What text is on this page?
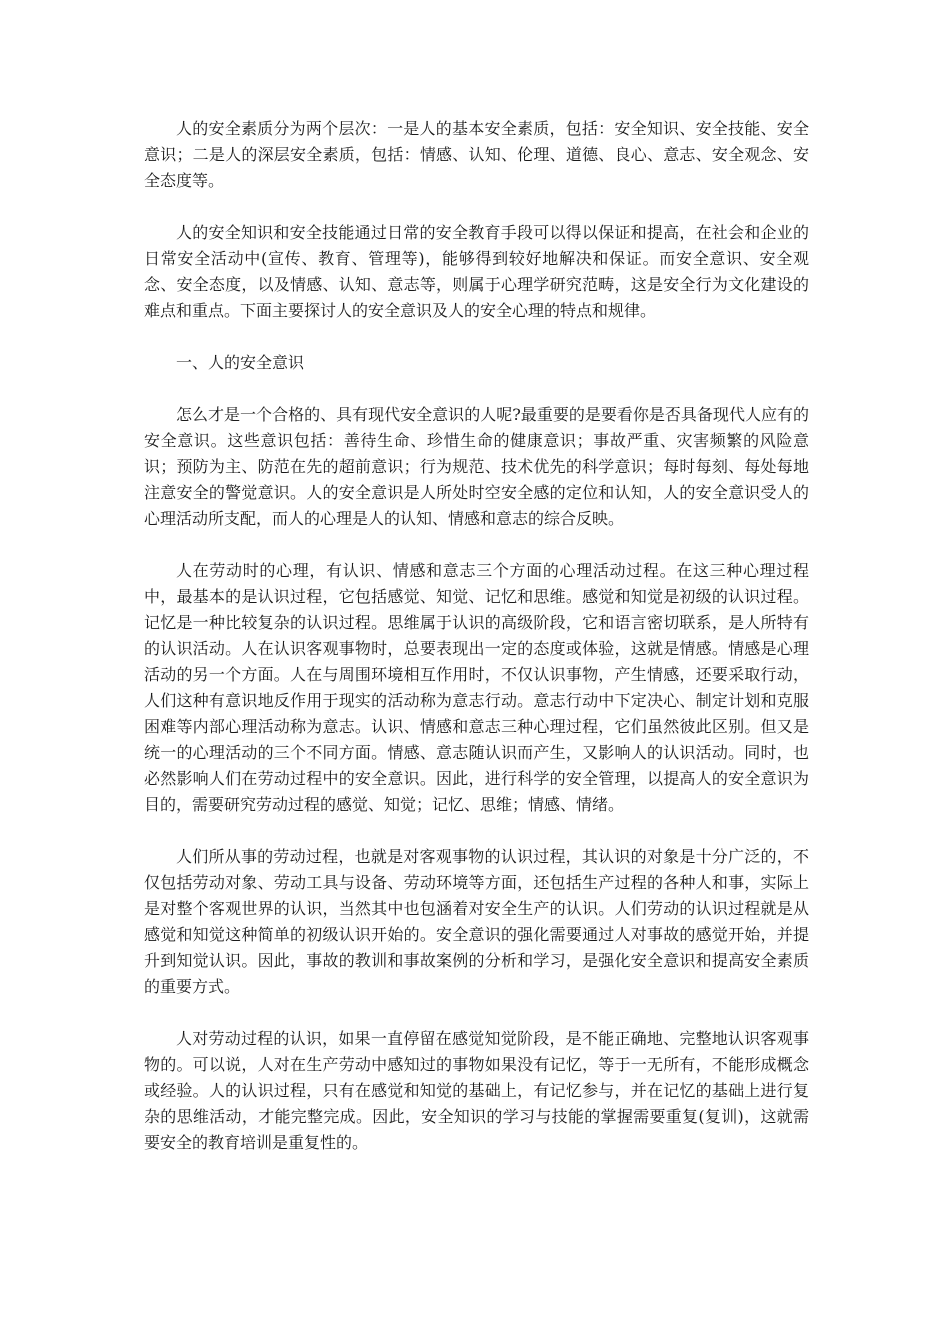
人的安全素质分为两个层次：一是人的基本安全素质，包括：安全知识、安全技能、安全意识；二是人的深层安全素质，包括：情感、认知、伦理、道德、良心、意志、安全观念、安全态度等。

人的安全知识和安全技能通过日常的安全教育手段可以得以保证和提高，在社会和企业的日常安全活动中(宣传、教育、管理等)，能够得到较好地解决和保证。而安全意识、安全观念、安全态度，以及情感、认知、意志等，则属于心理学研究范畴，这是安全行为文化建设的难点和重点。下面主要探讨人的安全意识及人的安全心理的特点和规律。

一、人的安全意识

怎么才是一个合格的、具有现代安全意识的人呢?最重要的是要看你是否具备现代人应有的安全意识。这些意识包括：善待生命、珍惜生命的健康意识；事故严重、灾害频繁的风险意识；预防为主、防范在先的超前意识；行为规范、技术优先的科学意识；每时每刻、每处每地注意安全的警觉意识。人的安全意识是人所处时空安全感的定位和认知，人的安全意识受人的心理活动所支配，而人的心理是人的认知、情感和意志的综合反映。

人在劳动时的心理，有认识、情感和意志三个方面的心理活动过程。在这三种心理过程中，最基本的是认识过程，它包括感觉、知觉、记忆和思维。感觉和知觉是初级的认识过程。记忆是一种比较复杂的认识过程。思维属于认识的高级阶段，它和语言密切联系，是人所特有的认识活动。人在认识客观事物时，总要表现出一定的态度或体验，这就是情感。情感是心理活动的另一个方面。人在与周围环境相互作用时，不仅认识事物，产生情感，还要采取行动，人们这种有意识地反作用于现实的活动称为意志行动。意志行动中下定决心、制定计划和克服困难等内部心理活动称为意志。认识、情感和意志三种心理过程，它们虽然彼此区别。但又是统一的心理活动的三个不同方面。情感、意志随认识而产生，又影响人的认识活动。同时，也必然影响人们在劳动过程中的安全意识。因此，进行科学的安全管理，以提高人的安全意识为目的，需要研究劳动过程的感觉、知觉；记忆、思维；情感、情绪。

人们所从事的劳动过程，也就是对客观事物的认识过程，其认识的对象是十分广泛的，不仅包括劳动对象、劳动工具与设备、劳动环境等方面，还包括生产过程的各种人和事，实际上是对整个客观世界的认识，当然其中也包涵着对安全生产的认识。人们劳动的认识过程就是从感觉和知觉这种简单的初级认识开始的。安全意识的强化需要通过人对事故的感觉开始，并提升到知觉认识。因此，事故的教训和事故案例的分析和学习，是强化安全意识和提高安全素质的重要方式。

人对劳动过程的认识，如果一直停留在感觉知觉阶段，是不能正确地、完整地认识客观事物的。可以说，人对在生产劳动中感知过的事物如果没有记忆，等于一无所有，不能形成概念或经验。人的认识过程，只有在感觉和知觉的基础上，有记忆参与，并在记忆的基础上进行复杂的思维活动，才能完整完成。因此，安全知识的学习与技能的掌握需要重复(复训)，这就需要安全的教育培训是重复性的。
